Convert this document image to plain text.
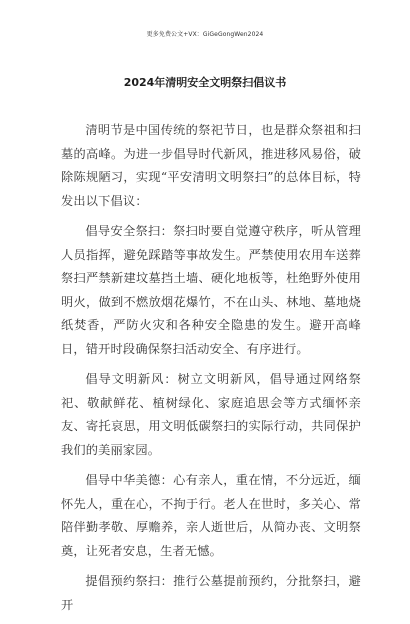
更多免费公文+VX：GiGeGongWen2024
2024年清明安全文明祭扫倡议书

清明节是中国传统的祭祀节日，也是群众祭祖和扫墓的高峰。为进一步倡导时代新风，推进移风易俗，破除陈规陋习，实现“平安清明文明祭扫”的总体目标，特发出以下倡议：

倡导安全祭扫：祭扫时要自觉遵守秩序，听从管理人员指挥，避免踩踏等事故发生。严禁使用农用车送葬祭扫严禁新建坟墓挡土墙、硬化地板等，杜绝野外使用明火，做到不燃放烟花爆竹，不在山头、林地、墓地烧纸焚香，严防火灾和各种安全隐患的发生。避开高峰日，错开时段确保祭扫活动安全、有序进行。

倡导文明新风：树立文明新风，倡导通过网络祭祀、敬献鲜花、植树绿化、家庭追思会等方式缅怀亲友、寄托哀思，用文明低碳祭扫的实际行动，共同保护我们的美丽家园。

倡导中华美德：心有亲人，重在情，不分远近，缅怀先人，重在心，不拘于行。老人在世时，多关心、常陪伴勤孝敬、厚赡养，亲人逝世后，从简办丧、文明祭奠，让死者安息，生者无憾。

提倡预约祭扫：推行公墓提前预约，分批祭扫，避开
